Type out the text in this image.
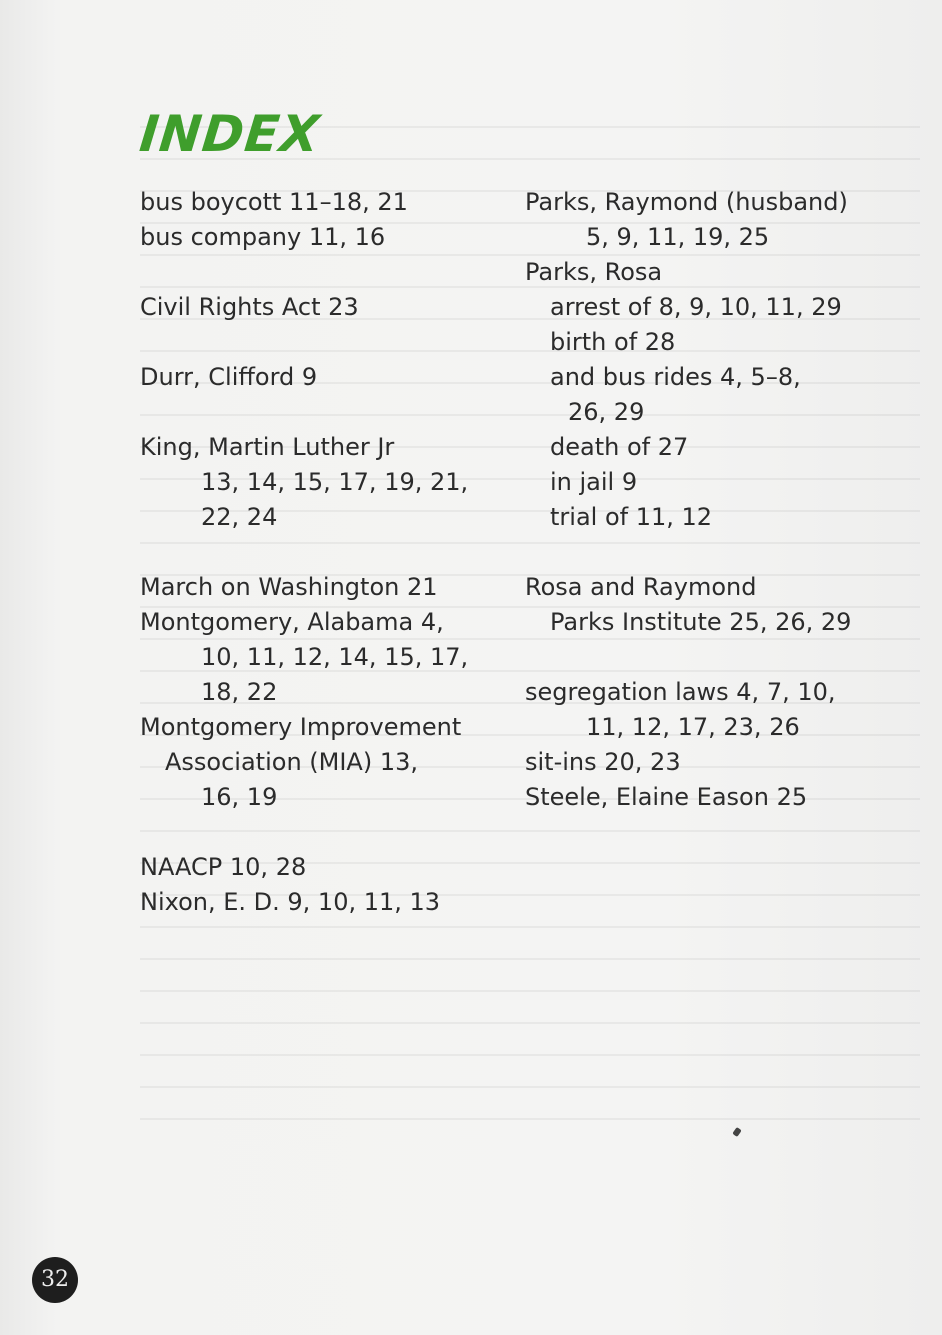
INDEX
bus boycott 11–18, 21
bus company 11, 16
Civil Rights Act 23
Durr, Clifford 9
King, Martin Luther Jr
13, 14, 15, 17, 19, 21,
22, 24
March on Washington 21
Montgomery, Alabama 4,
10, 11, 12, 14, 15, 17,
18, 22
Montgomery Improvement
Association (MIA) 13,
16, 19
NAACP 10, 28
Nixon, E. D. 9, 10, 11, 13
Parks, Raymond (husband)
5, 9, 11, 19, 25
Parks, Rosa
arrest of 8, 9, 10, 11, 29
birth of 28
and bus rides 4, 5–8,
26, 29
death of 27
in jail 9
trial of 11, 12
Rosa and Raymond
Parks Institute 25, 26, 29
segregation laws 4, 7, 10,
11, 12, 17, 23, 26
sit-ins 20, 23
Steele, Elaine Eason 25
32
